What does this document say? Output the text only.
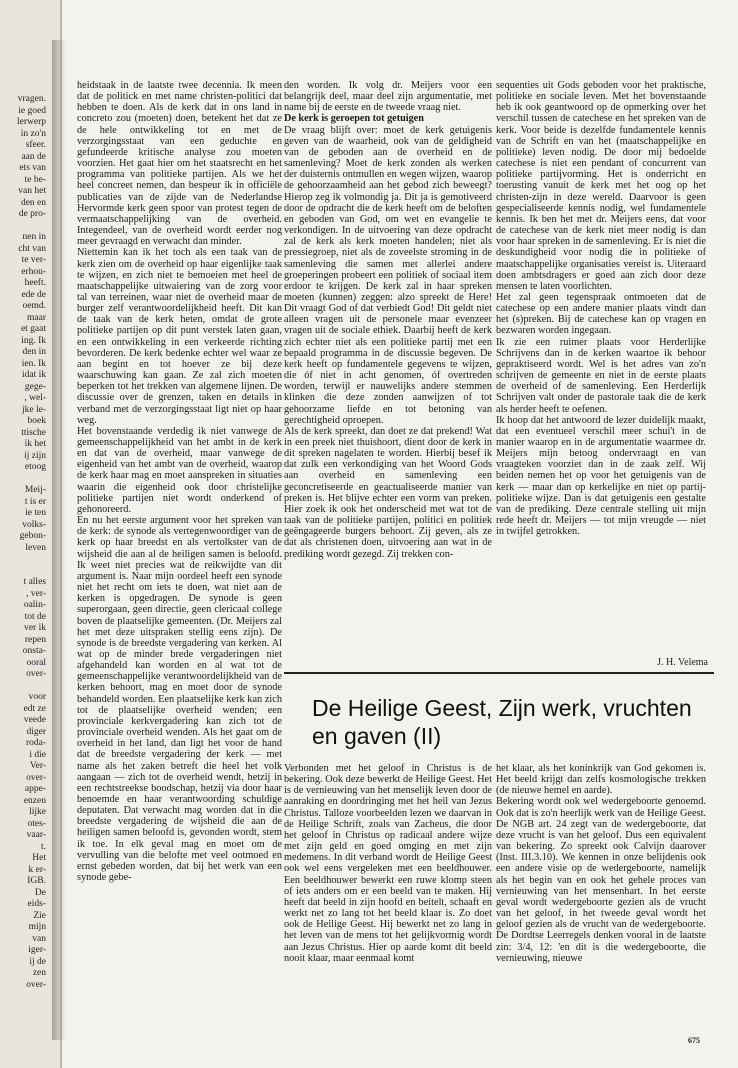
vragen.
ie goed
lerwerp
in zo'n
sfeer.
aan de
ets van
te be-
van het
den en
de pro-
nen in
cht van
te ver-
erhou-
heeft.
ede de
oemd.
maar
et gaat
ing. Ik
den in
ien. Ik
idat ik
gege-
, wel-
jke le-
boek
ttische
ik het
ij zijn
etoog
Meij-
t is er
ie ten
volks-
gebon-
leven
t alles
, ver-
oalin-
tot de
ver ik
repen
onsta-
ooral
over-
voor
edt ze
veede
diger
roda-
i die
Ver-
over-
appe-
enzen
lijke
otes-
vaar-
t.
Het
k er-
IGB.
De
eids-
Zie
mijn
van
iger-
ij de
zen
over-

heidstaak in de laatste twee decennia. Ik meen dat de politick en met name christen-politici dat hebben te doen. Als de kerk dat in ons land in concreto zou (moeten) doen, betekent het dat ze de hele ontwikkeling tot en met de verzorgingsstaat van een geduchte en gefundeerde kritische analyse zou moeten voorzien. Het gaat hier om het staatsrecht en het programma van politieke partijen. Als we het heel concreet nemen, dan bespeur ik in officiële publicaties van de zijde van de Nederlandse Hervormde kerk geen spoor van protest tegen de vermaatschappelijking van de overheid. Integendeel, van de overheid wordt eerder nog meer gevraagd en verwacht dan minder.

Niettemin kan ik het toch als een taak van de kerk zien om de overheid op haar eigenlijke taak te wijzen, en zich niet te bemoeien met heel de maatschappelijke uitwaiering van de zorg voor tal van terreinen, waar niet de overheid maar de burger zelf verantwoordelijkheid heeft. Dit kan de taak van de kerk heten, omdat de grote politieke partijen op dit punt verstek laten gaan, en een ontwikkeling in een verkeerde richting bevorderen. De kerk bedenke echter wel waar ze aan begint en tot hoever ze bij deze waarschuwing kan gaan. Ze zal zich moeten beperken tot het trekken van algemene lijnen. De discussie over de grenzen, taken en details in verband met de verzorgingsstaat ligt niet op haar weg.

Het bovenstaande verdedig ik niet vanwege de gemeenschappelijkheid van het ambt in de kerk en dat van de overheid, maar vanwege de eigenheid van het ambt van de overheid, waarop de kerk haar mag en moet aanspreken in situaties waarin die eigenheid ook door christelijke politieke partijen niet wordt onderkend of gehonoreerd.

En nu het eerste argument voor het spreken van de kerk: de synode als vertegenwoordiger van de kerk op haar breedst en als vertolkster van de wijsheid die aan al de heiligen samen is beloofd. Ik weet niet precies wat de reikwijdte van dit argument is. Naar mijn oordeel heeft een synode niet het recht om iets te doen, wat niet aan de kerken is opgedragen. De synode is geen superorgaan, geen directie, geen clericaal college boven de plaatselijke gemeenten. (Dr. Meijers zal het met deze uitspraken stellig eens zijn). De synode is de breedste vergadering van kerken. Al wat op de minder brede vergaderingen niet afgehandeld kan worden en al wat tot de gemeenschappelijke verantwoordelijkheid van de kerken behoort, mag en moet door de synode behandeld worden. Een plaatselijke kerk kan zich tot de plaatselijke overheid wenden; een provinciale kerkvergadering kan zich tot de provinciale overheid wenden. Als het gaat om de overheid in het land, dan ligt het voor de hand dat de breedste vergadering der kerk — met name als het zaken betreft die heel het volk aangaan — zich tot de overheid wendt, hetzij in een rechtstreekse boodschap, hetzij via door haar benoemde en haar verantwoording schuldige deputaten. Dat verwacht mag worden dat in die breedste vergadering de wijsheid die aan de heiligen samen beloofd is, gevonden wordt, stem ik toe. In elk geval mag en moet om de vervulling van die belofte met veel ootmoed en ernst gebeden worden, dat bij het werk van een synode gebe-

den worden. Ik volg dr. Meijers voor een belangrijk deel, maar deel zijn argumentatie, met name bij de eerste en de tweede vraag niet.

De kerk is geroepen tot getuigen

De vraag blijft over: moet de kerk getuigenis geven van de waarheid, ook van de geldigheid van de geboden aan de overheid en de samenleving? Moet de kerk zonden als werken der duisternis ontmullen en wegen wijzen, waarop de gehoorzaamheid aan het gebod zich beweegt? Hierop zeg ik volmondig ja. Dit ja is gemotiveerd door de opdracht die de kerk heeft om de beloften en geboden van God, om wet en evangelie te verkondigen. In de uitvoering van deze opdracht zal de kerk als kerk moeten handelen; niet als pressiegroep, niet als de zoveelste stroming in de samenleving die samen met allerlei andere groeperingen probeert een politiek of sociaal item erdoor te krijgen. De kerk zal in haar spreken moeten (kunnen) zeggen: alzo spreekt de Here! Dit vraagt God of dat verbiedt God! Dit geldt niet alleen vragen uit de personele maar evenzeer vragen uit de sociale ethiek. Daarbij heeft de kerk zich echter niet als een politieke partij met een bepaald programma in de discussie begeven. De kerk heeft op fundamentele gegevens te wijzen, die óf niet in acht genomen, óf overtreden worden, terwijl er nauwelijks andere stemmen klinken die deze zonden aanwijzen of tot gehoorzame liefde en tot betoning van gerechtigheid oproepen.

Als de kerk spreekt, dan doet ze dat prekend! Wat in een preek niet thuishoort, dient door de kerk in dit spreken nagelaten te worden. Hierbij besef ik dat zulk een verkondiging van het Woord Gods aan overheid en samenleving een geconcretiseerde en geactualiseerde manier van preken is. Het blijve echter een vorm van preken. Hier zoek ik ook het onderscheid met wat tot de taak van de politieke partijen, politici en politiek geëngageerde burgers behoort. Zij geven, als ze dat als christenen doen, uitvoering aan wat in de prediking wordt gezegd. Zij trekken con-

sequenties uit Gods geboden voor het praktische, politieke en sociale leven. Met het bovenstaande heb ik ook geantwoord op de opmerking over het verschil tussen de catechese en het spreken van de kerk. Voor beide is dezelfde fundamentele kennis van de Schrift en van het (maatschappelijke en politieke) leven nodig. De door mij bedoelde catechese is niet een pendant of concurrent van politieke partijvorming. Het is onderricht en toerusting vanuit de kerk met het oog op het christen-zijn in deze wereld. Daarvoor is geen gespecialiseerde kennis nodig, wel fundamentele kennis. Ik ben het met dr. Meijers eens, dat voor de catechese van de kerk niet meer nodig is dan voor haar spreken in de samenleving. Er is niet die deskundigheid voor nodig die in politieke of maatschappelijke organisaties vereist is. Uiteraard doen ambtsdragers er goed aan zich door deze mensen te laten voorlichten.

Het zal geen tegenspraak ontmoeten dat de catechese op een andere manier plaats vindt dan het (s)preken. Bij de catechese kan op vragen en bezwaren worden ingegaan.

Ik zie een ruimer plaats voor Herderlijke Schrijvens dan in de kerken waartoe ik behoor gepraktiseerd wordt. Wel is het adres van zo'n schrijven de gemeente en niet in de eerste plaats de overheid of de samenleving. Een Herderlijk Schrijven valt onder de pastorale taak die de kerk als herder heeft te oefenen.

Ik hoop dat het antwoord de lezer duidelijk maakt, dat een eventueel verschil meer schui't in de manier waarop en in de argumentatie waarmee dr. Meijers mijn betoog ondervraagt en van vraagteken voorziet dan in de zaak zelf. Wij beiden nemen het op voor het getuigenis van de kerk — maar dan op kerkelijke en niet op partij-politieke wijze. Dan is dat getuigenis een gestalte van de prediking. Deze centrale stelling uit mijn rede heeft dr. Meijers — tot mijn vreugde — niet in twijfel getrokken.

J. H. Velema
De Heilige Geest, Zijn werk, vruchten en gaven (II)

Verbonden met het geloof in Christus is de bekering. Ook deze bewerkt de Heilige Geest. Het is de vernieuwing van het menselijk leven door de aanraking en doordringing met het heil van Jezus Christus. Talloze voorbeelden lezen we daarvan in de Heilige Schrift, zoals van Zacheus, die door het geloof in Christus op radicaal andere wijze met zijn geld en goed omging en met zijn medemens. In dit verband wordt de Heilige Geest ook wel eens vergeleken met een beeldhouwer. Een beeldhouwer bewerkt een ruwe klomp steen of iets anders om er een beeld van te maken. Hij heeft dat beeld in zijn hoofd en beitelt, schaaft en werkt net zo lang tot het beeld klaar is. Zo doet ook de Heilige Geest. Hij bewerkt net zo lang in het leven van de mens tot het gelijkvormig wordt aan Jezus Christus. Hier op aarde komt dit beeld nooit klaar, maar eenmaal komt

het klaar, als het koninkrijk van God gekomen is. Het beeld krijgt dan zelfs kosmologische trekken (de nieuwe hemel en aarde).

Bekering wordt ook wel wedergeboorte genoemd. Ook dat is zo'n heerlijk werk van de Heilige Geest. De NGB art. 24 zegt van de wedergeboorte, dat deze vrucht is van het geloof. Dus een equivalent van bekering. Zo spreekt ook Calvijn daarover (Inst. III.3.10). We kennen in onze belijdenis ook een andere visie op de wedergeboorte, namelijk als het begin van en ook het gehele proces van vernieuwing van het mensenhart. In het eerste geval wordt wedergeboorte gezien als de vrucht van het geloof, in het tweede geval wordt het geloof gezien als de vrucht van de wedergeboorte. De Dordtse Leerregels denken vooral in de laatste zin: 3/4, 12: 'en dit is die wedergeboorte, die vernieuwing, nieuwe

675
